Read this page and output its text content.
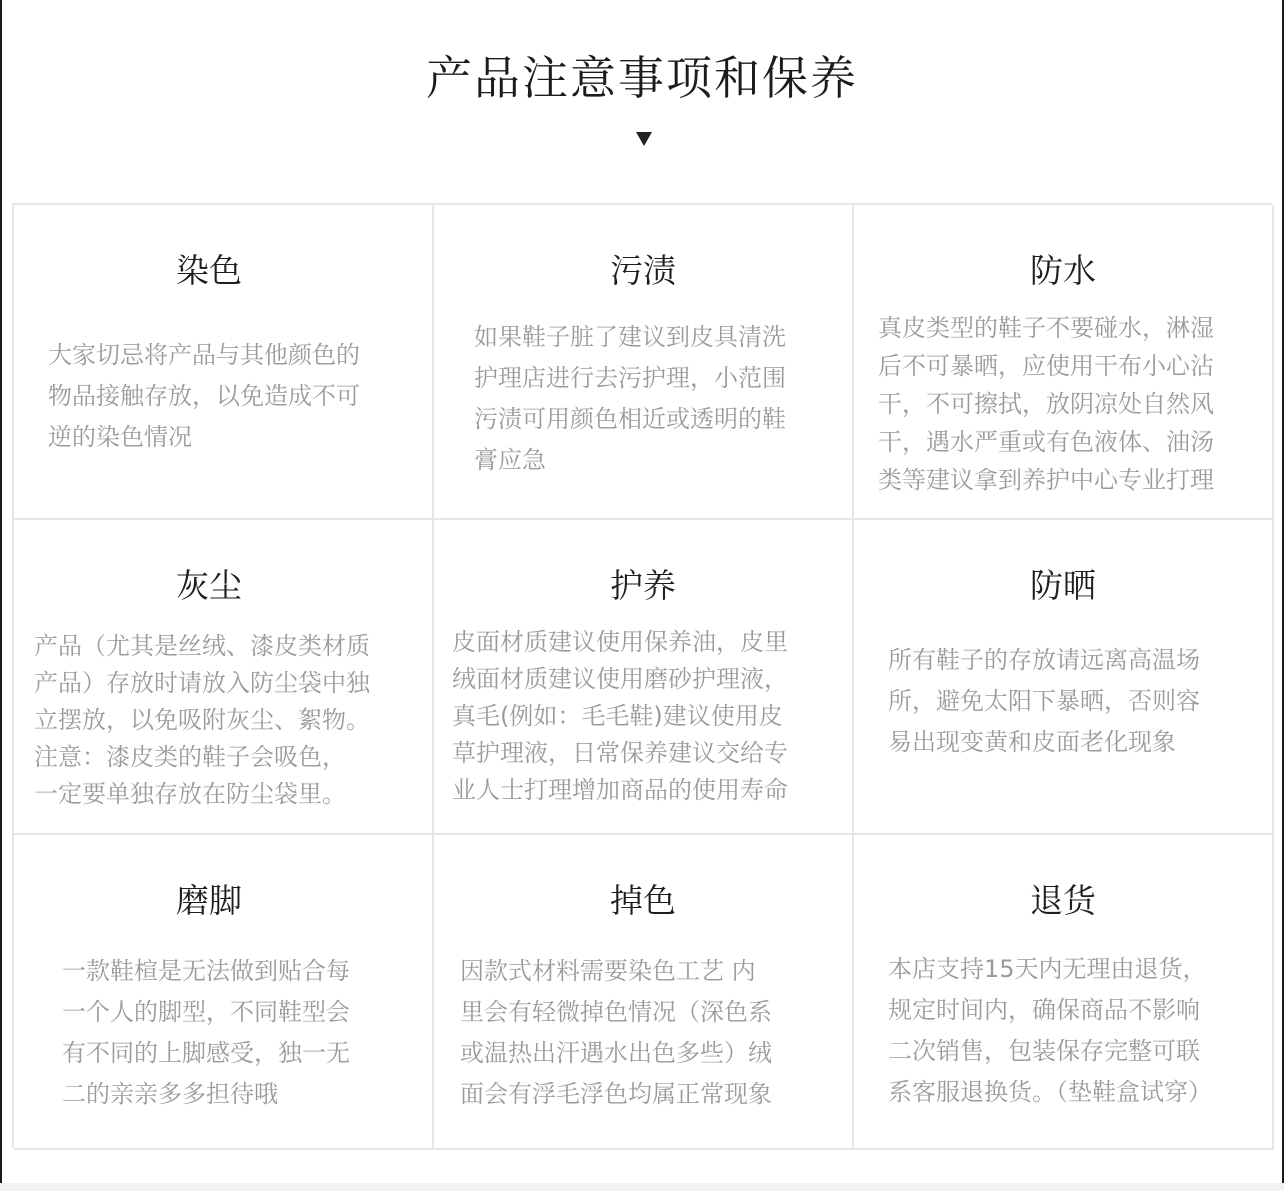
产品注意事项和保养
染色

大家切忌将产品与其他颜色的
物品接触存放，以免造成不可
逆的染色情况

污渍

如果鞋子脏了建议到皮具清洗
护理店进行去污护理，小范围
污渍可用颜色相近或透明的鞋
膏应急

防水

真皮类型的鞋子不要碰水，淋湿
后不可暴晒，应使用干布小心沾
干，不可擦拭，放阴凉处自然风
干，遇水严重或有色液体、油汤
类等建议拿到养护中心专业打理

灰尘

产品（尤其是丝绒、漆皮类材质
产品）存放时请放入防尘袋中独
立摆放，以免吸附灰尘、絮物。
注意：漆皮类的鞋子会吸色，
一定要单独存放在防尘袋里。

护养

皮面材质建议使用保养油，皮里
绒面材质建议使用磨砂护理液，
真毛(例如：毛毛鞋)建议使用皮
草护理液，日常保养建议交给专
业人士打理增加商品的使用寿命

防晒

所有鞋子的存放请远离高温场
所，避免太阳下暴晒，否则容
易出现变黄和皮面老化现象

磨脚

一款鞋楦是无法做到贴合每
一个人的脚型，不同鞋型会
有不同的上脚感受，独一无
二的亲亲多多担待哦

掉色

因款式材料需要染色工艺 内
里会有轻微掉色情况（深色系
或温热出汗遇水出色多些）绒
面会有浮毛浮色均属正常现象

退货

本店支持15天内无理由退货，
规定时间内，确保商品不影响
二次销售，包装保存完整可联
系客服退换货。（垫鞋盒试穿）
